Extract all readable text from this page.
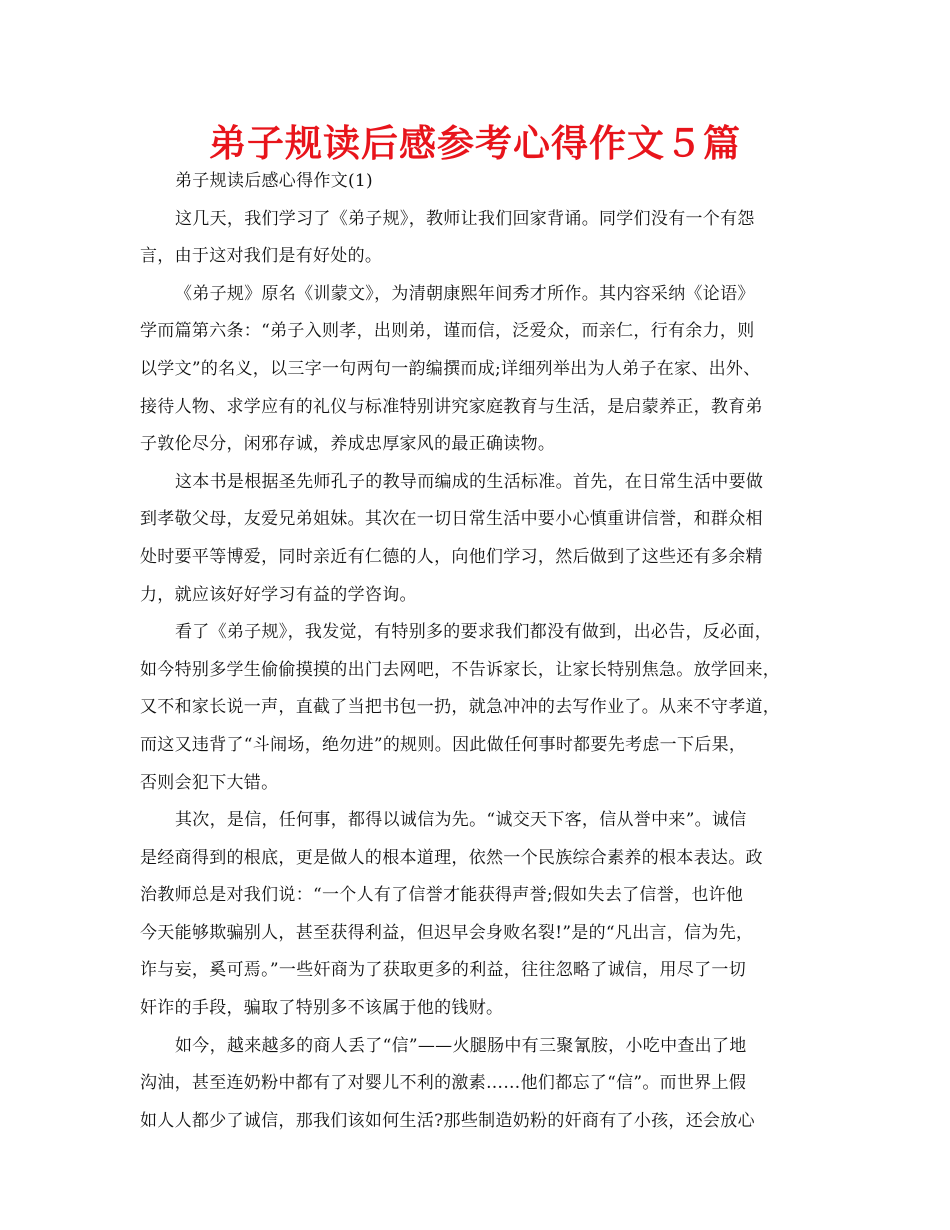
弟子规读后感参考心得作文５篇
弟子规读后感心得作文(1)
这几天，我们学习了《弟子规》，教师让我们回家背诵。同学们没有一个有怨
言，由于这对我们是有好处的。
《弟子规》原名《训蒙文》，为清朝康熙年间秀才所作。其内容采纳《论语》
学而篇第六条：“弟子入则孝，出则弟，谨而信，泛爱众，而亲仁，行有余力，则
以学文”的名义，以三字一句两句一韵编撰而成;详细列举出为人弟子在家、出外、
接待人物、求学应有的礼仪与标准特别讲究家庭教育与生活，是启蒙养正，教育弟
子敦伦尽分，闲邪存诚，养成忠厚家风的最正确读物。
这本书是根据圣先师孔子的教导而编成的生活标准。首先，在日常生活中要做
到孝敬父母，友爱兄弟姐妹。其次在一切日常生活中要小心慎重讲信誉，和群众相
处时要平等博爱，同时亲近有仁德的人，向他们学习，然后做到了这些还有多余精
力，就应该好好学习有益的学咨询。
看了《弟子规》，我发觉，有特别多的要求我们都没有做到，出必告，反必面，
如今特别多学生偷偷摸摸的出门去网吧，不告诉家长，让家长特别焦急。放学回来，
又不和家长说一声，直截了当把书包一扔，就急冲冲的去写作业了。从来不守孝道，
而这又违背了“斗闹场，绝勿进”的规则。因此做任何事时都要先考虑一下后果，
否则会犯下大错。
其次，是信，任何事，都得以诚信为先。“诚交天下客，信从誉中来”。诚信
是经商得到的根底，更是做人的根本道理，依然一个民族综合素养的根本表达。政
治教师总是对我们说：“一个人有了信誉才能获得声誉;假如失去了信誉，也许他
今天能够欺骗别人，甚至获得利益，但迟早会身败名裂!”是的“凡出言，信为先，
诈与妄，奚可焉。”一些奸商为了获取更多的利益，往往忽略了诚信，用尽了一切
奸诈的手段，骗取了特别多不该属于他的钱财。
如今，越来越多的商人丢了“信”——火腿肠中有三聚氰胺，小吃中查出了地
沟油，甚至连奶粉中都有了对婴儿不利的激素……他们都忘了“信”。而世界上假
如人人都少了诚信，那我们该如何生活?那些制造奶粉的奸商有了小孩，还会放心
